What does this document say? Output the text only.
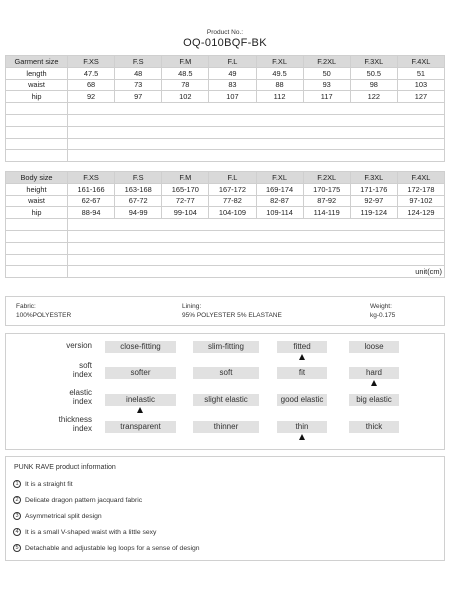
Product No.:
OQ-010BQF-BK
Garment size	F.XS	F.S	F.M	F.L	F.XL	F.2XL	F.3XL	F.4XL
length	47.5	48	48.5	49	49.5	50	50.5	51
waist	68	73	78	83	88	93	98	103
hip	92	97	102	107	112	117	122	127

Body size	F.XS	F.S	F.M	F.L	F.XL	F.2XL	F.3XL	F.4XL
height	161-166	163-168	165-170	167-172	169-174	170-175	171-176	172-178
waist	62-67	67-72	72-77	77-82	82-87	87-92	92-97	97-102
hip	88-94	94-99	99-104	104-109	109-114	114-119	119-124	124-129

	unit(cm)							
Fabric:
100%POLYESTER
Lining:
95% POLYESTER 5% ELASTANE
Weight:
kg-0.175
version	close-fitting	slim-fitting	fitted	loose
soft
index	softer	soft	fit	hard
elastic
index	inelastic	slight elastic	good elastic	big elastic
thickness
index	transparent	thinner	thin	thick
PUNK RAVE product information
1 It is a straight fit
2 Delicate dragon pattern jacquard fabric
3 Asymmetrical split design
4 It is a small V-shaped waist with a little sexy
5 Detachable and adjustable leg loops for a sense of design
